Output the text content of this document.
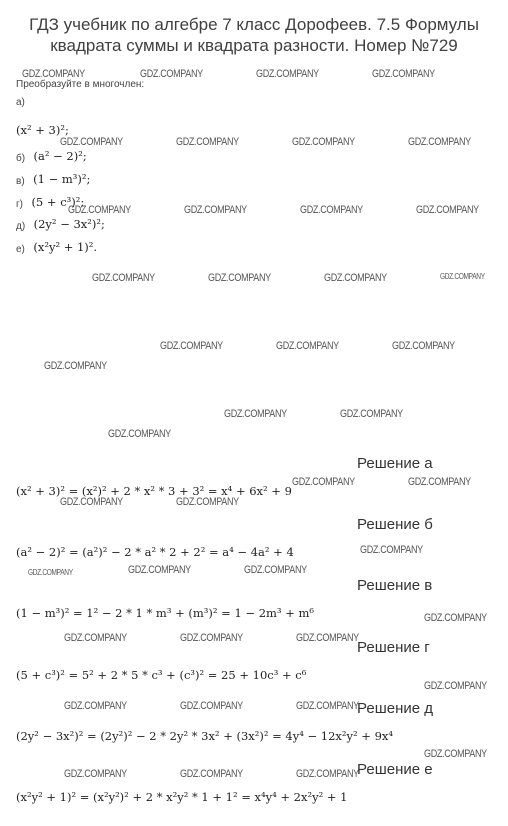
ГДЗ учебник по алгебре 7 класс Дорофеев. 7.5 Формулы квадрата суммы и квадрата разности. Номер №729
GDZ.COMPANY	GDZ.COMPANY	GDZ.COMPANY	GDZ.COMPANY
GDZ.COMPANY	GDZ.COMPANY	GDZ.COMPANY	GDZ.COMPANY
GDZ.COMPANY	GDZ.COMPANY	GDZ.COMPANY	GDZ.COMPANY
GDZ.COMPANY	GDZ.COMPANY	GDZ.COMPANY	GDZ.COMPANY
GDZ.COMPANY	GDZ.COMPANY	GDZ.COMPANY
GDZ.COMPANY
GDZ.COMPANY	GDZ.COMPANY
GDZ.COMPANY
GDZ.COMPANY	GDZ.COMPANY
GDZ.COMPANY	GDZ.COMPANY
GDZ.COMPANY
GDZ.COMPANY	GDZ.COMPANY	GDZ.COMPANY
GDZ.COMPANY
GDZ.COMPANY	GDZ.COMPANY	GDZ.COMPANY
GDZ.COMPANY
GDZ.COMPANY	GDZ.COMPANY	GDZ.COMPANY
GDZ.COMPANY
GDZ.COMPANY	GDZ.COMPANY	GDZ.COMPANY
Преобразуйте в многочлен:
а)
(x² + 3)²;
б) (a² − 2)²;
в) (1 − m³)²;
г) (5 + c³)²;
д) (2y² − 3x²)²;
е) (x²y² + 1)².
Решение а
(x² + 3)² = (x²)² + 2 * x² * 3 + 3² = x⁴ + 6x² + 9
Решение б
(a² − 2)² = (a²)² − 2 * a² * 2 + 2² = a⁴ − 4a² + 4
Решение в
(1 − m³)² = 1² − 2 * 1 * m³ + (m³)² = 1 − 2m³ + m⁶
Решение г
(5 + c³)² = 5² + 2 * 5 * c³ + (c³)² = 25 + 10c³ + c⁶
Решение д
(2y² − 3x²)² = (2y²)² − 2 * 2y² * 3x² + (3x²)² = 4y⁴ − 12x²y² + 9x⁴
Решение е
(x²y² + 1)² = (x²y²)² + 2 * x²y² * 1 + 1² = x⁴y⁴ + 2x²y² + 1
